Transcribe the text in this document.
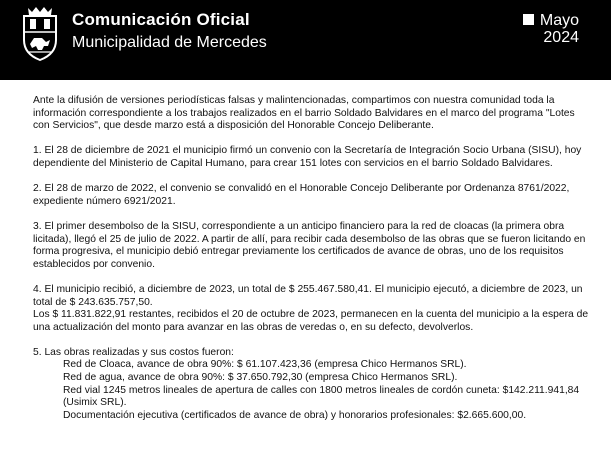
Comunicación Oficial
Municipalidad de Mercedes
Mayo
2024

Ante la difusión de versiones periodísticas falsas y malintencionadas, compartimos con nuestra comunidad toda la información correspondiente a los trabajos realizados en el barrio Soldado Balvidares en el marco del programa "Lotes con Servicios", que desde marzo está a disposición del Honorable Concejo Deliberante.

1. El 28 de diciembre de 2021 el municipio firmó un convenio con la Secretaría de Integración Socio Urbana (SISU), hoy dependiente del Ministerio de Capital Humano, para crear 151 lotes con servicios en el barrio Soldado Balvidares.

2. El 28 de marzo de 2022, el convenio se convalidó en el Honorable Concejo Deliberante por Ordenanza 8761/2022, expediente número 6921/2021.

3. El primer desembolso de la SISU, correspondiente a un anticipo financiero para la red de cloacas (la primera obra licitada), llegó el 25 de julio de 2022. A partir de allí, para recibir cada desembolso de las obras que se fueron licitando en forma progresiva, el municipio debió entregar previamente los certificados de avance de obras, uno de los requisitos establecidos por convenio.

4. El municipio recibió, a diciembre de 2023, un total de $ 255.467.580,41. El municipio ejecutó, a diciembre de 2023, un total de $ 243.635.757,50.
Los $ 11.831.822,91 restantes, recibidos el 20 de octubre de 2023, permanecen en la cuenta del municipio a la espera de una actualización del monto para avanzar en las obras de veredas o, en su defecto, devolverlos.

5. Las obras realizadas y sus costos fueron:
Red de Cloaca, avance de obra 90%: $ 61.107.423,36 (empresa Chico Hermanos SRL).
Red de agua, avance de obra 90%: $ 37.650.792,30 (empresa Chico Hermanos SRL).
Red vial 1245 metros lineales de apertura de calles con 1800 metros lineales de cordón cuneta: $142.211.941,84 (Usimix SRL).
Documentación ejecutiva (certificados de avance de obra) y honorarios profesionales: $2.665.600,00.
